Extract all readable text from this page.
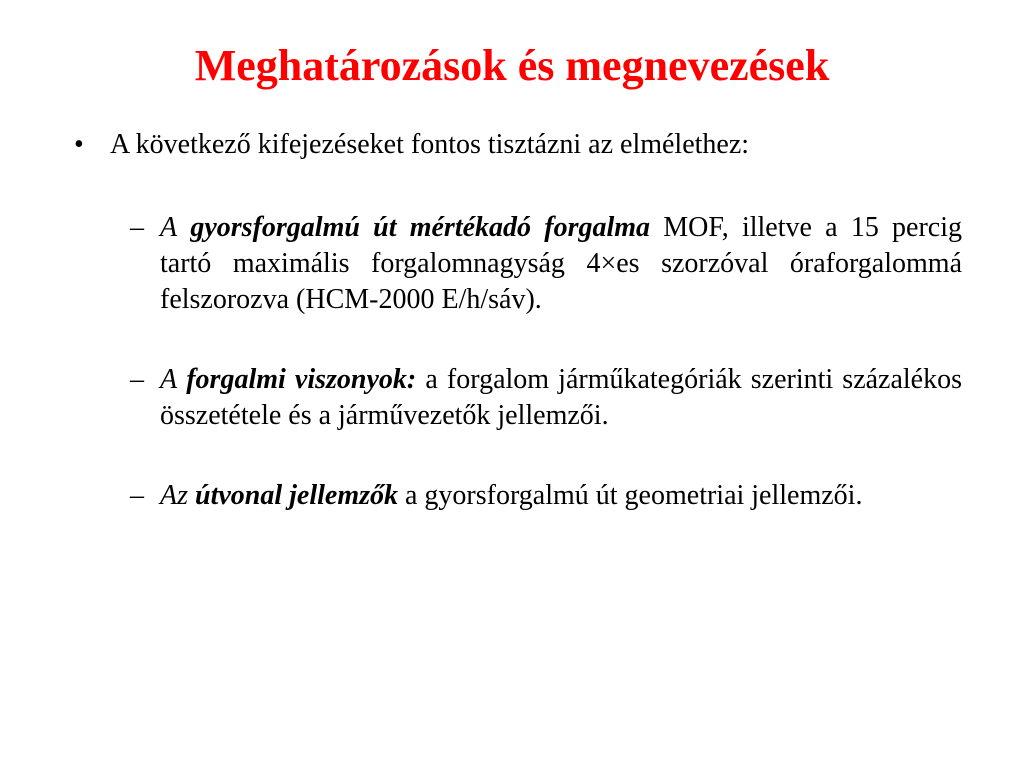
Meghatározások és megnevezések
• A következő kifejezéseket fontos tisztázni az elmélethez:
– A gyorsforgalmú út mértékadó forgalma MOF, illetve a 15 percig tartó maximális forgalomnagyság 4×es szorzóval óraforgalommá felszorozva (HCM-2000 E/h/sáv).
– A forgalmi viszonyok: a forgalom járműkategóriák szerinti százalékos összetétele és a járművezetők jellemzői.
– Az útvonal jellemzők a gyorsforgalmú út geometriai jellemzői.
